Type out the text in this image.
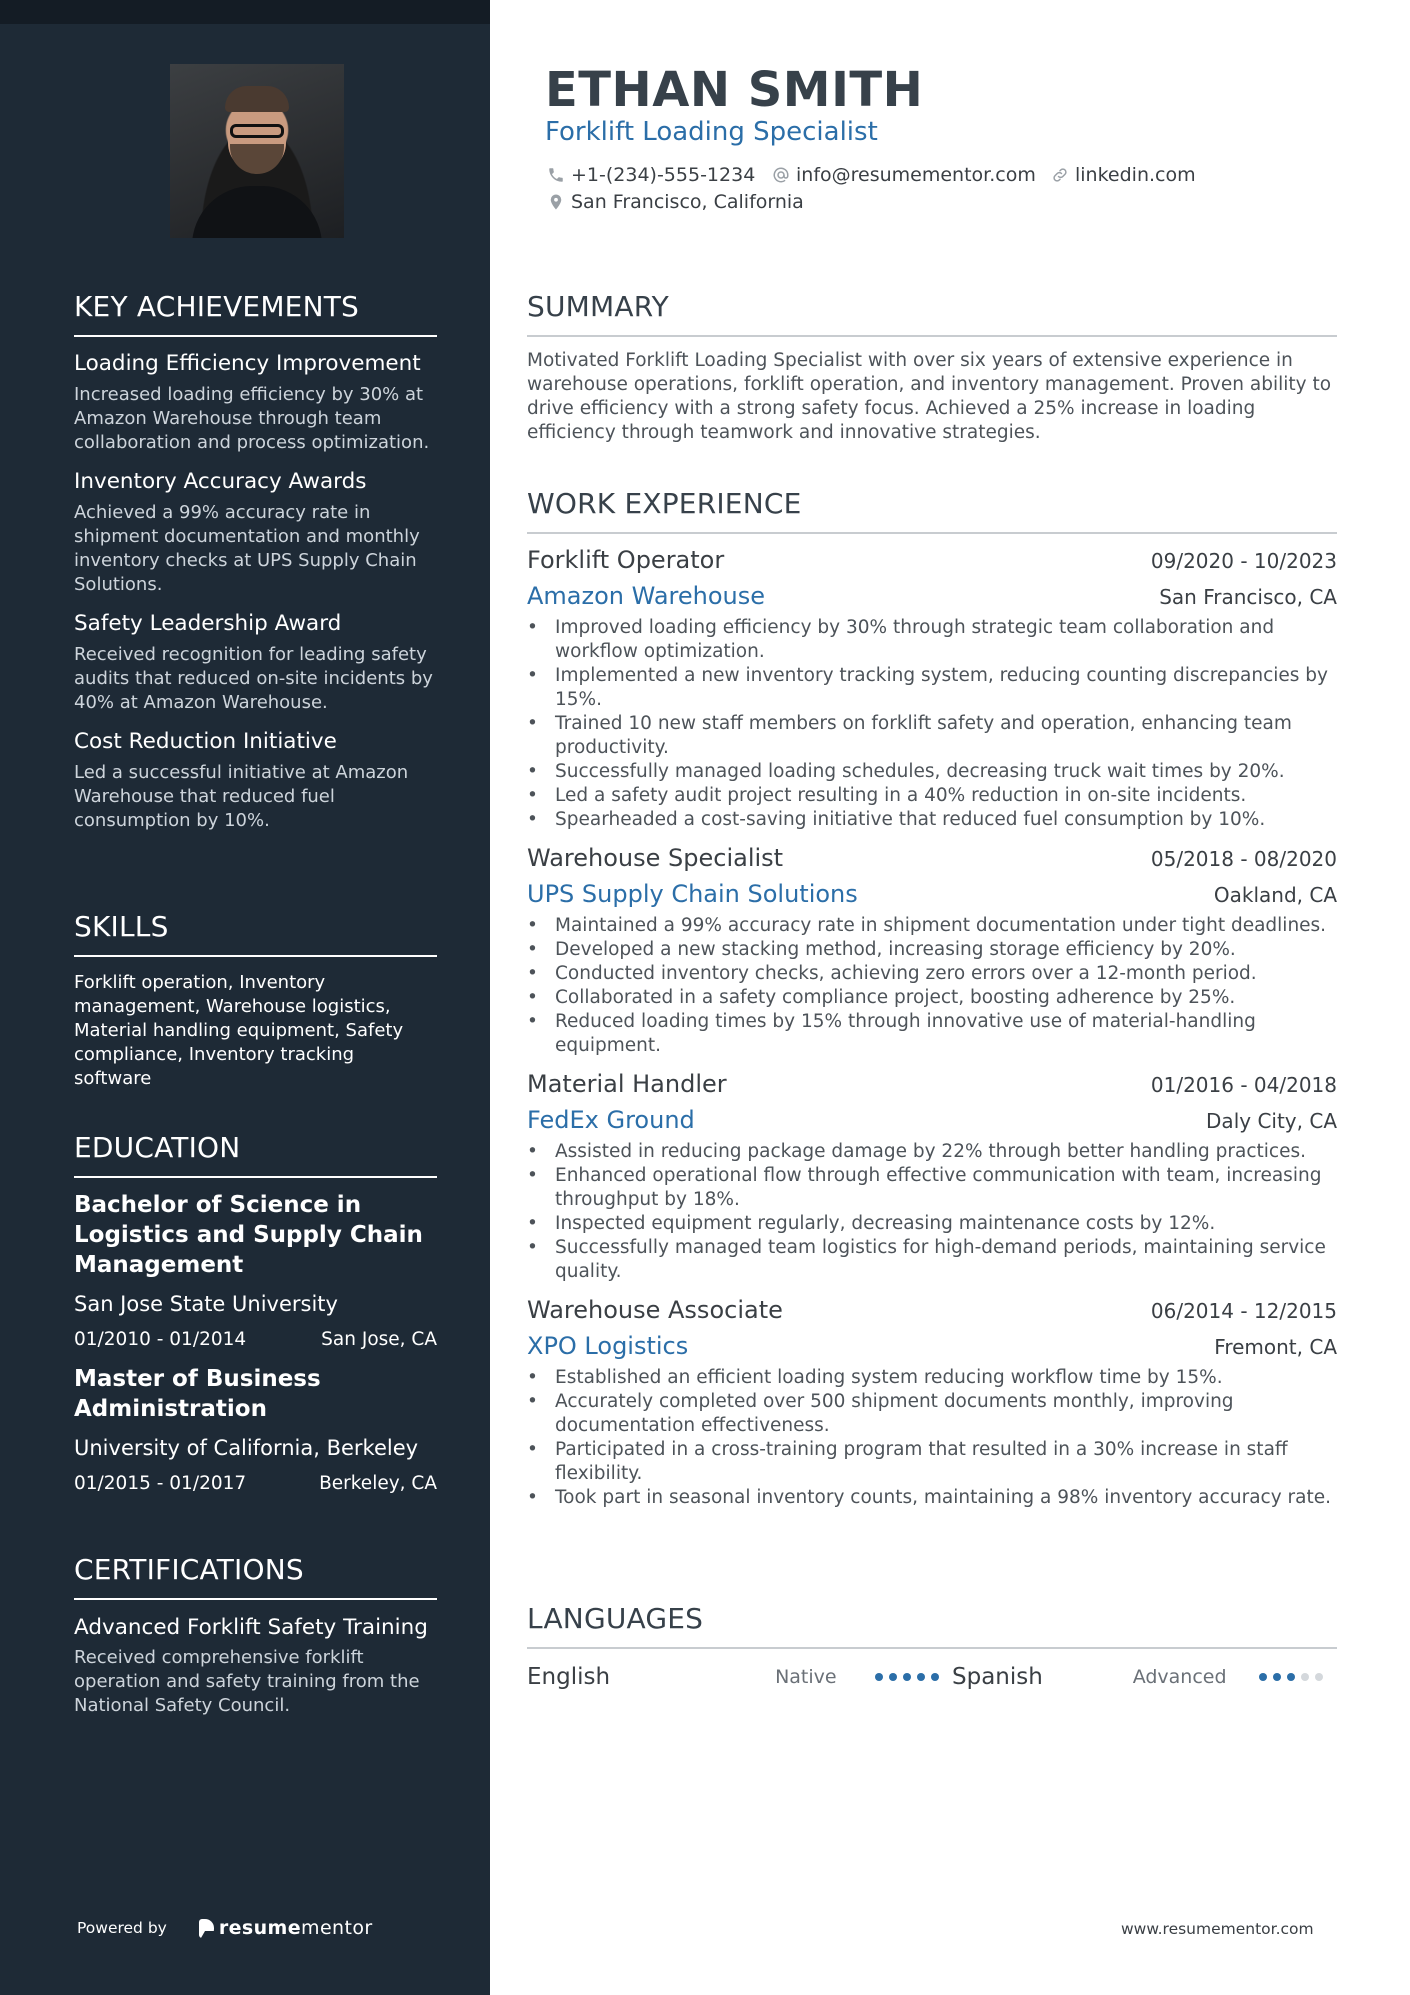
KEY ACHIEVEMENTS
Loading Efficiency Improvement
Increased loading efficiency by 30% at Amazon Warehouse through team collaboration and process optimization.
Inventory Accuracy Awards
Achieved a 99% accuracy rate in shipment documentation and monthly inventory checks at UPS Supply Chain Solutions.
Safety Leadership Award
Received recognition for leading safety audits that reduced on-site incidents by 40% at Amazon Warehouse.
Cost Reduction Initiative
Led a successful initiative at Amazon Warehouse that reduced fuel consumption by 10%.
SKILLS
Forklift operation, Inventory management, Warehouse logistics, Material handling equipment, Safety compliance, Inventory tracking software
EDUCATION
Bachelor of Science in Logistics and Supply Chain Management
San Jose State University
01/2010 - 01/2014	San Jose, CA
Master of Business Administration
University of California, Berkeley
01/2015 - 01/2017	Berkeley, CA
CERTIFICATIONS
Advanced Forklift Safety Training
Received comprehensive forklift operation and safety training from the National Safety Council.
Powered by	resume mentor
ETHAN SMITH
Forklift Loading Specialist
+1-(234)-555-1234 info@resumementor.com linkedin.com
San Francisco, California
SUMMARY
Motivated Forklift Loading Specialist with over six years of extensive experience in warehouse operations, forklift operation, and inventory management. Proven ability to drive efficiency with a strong safety focus. Achieved a 25% increase in loading efficiency through teamwork and innovative strategies.
WORK EXPERIENCE
Forklift Operator	09/2020 - 10/2023
Amazon Warehouse	San Francisco, CA
• Improved loading efficiency by 30% through strategic team collaboration and workflow optimization.
• Implemented a new inventory tracking system, reducing counting discrepancies by 15%.
• Trained 10 new staff members on forklift safety and operation, enhancing team productivity.
• Successfully managed loading schedules, decreasing truck wait times by 20%.
• Led a safety audit project resulting in a 40% reduction in on-site incidents.
• Spearheaded a cost-saving initiative that reduced fuel consumption by 10%.
Warehouse Specialist	05/2018 - 08/2020
UPS Supply Chain Solutions	Oakland, CA
• Maintained a 99% accuracy rate in shipment documentation under tight deadlines.
• Developed a new stacking method, increasing storage efficiency by 20%.
• Conducted inventory checks, achieving zero errors over a 12-month period.
• Collaborated in a safety compliance project, boosting adherence by 25%.
• Reduced loading times by 15% through innovative use of material-handling equipment.
Material Handler	01/2016 - 04/2018
FedEx Ground	Daly City, CA
• Assisted in reducing package damage by 22% through better handling practices.
• Enhanced operational flow through effective communication with team, increasing throughput by 18%.
• Inspected equipment regularly, decreasing maintenance costs by 12%.
• Successfully managed team logistics for high-demand periods, maintaining service quality.
Warehouse Associate	06/2014 - 12/2015
XPO Logistics	Fremont, CA
• Established an efficient loading system reducing workflow time by 15%.
• Accurately completed over 500 shipment documents monthly, improving documentation effectiveness.
• Participated in a cross-training program that resulted in a 30% increase in staff flexibility.
• Took part in seasonal inventory counts, maintaining a 98% inventory accuracy rate.
LANGUAGES
English	Native	Spanish	Advanced
www.resumementor.com
